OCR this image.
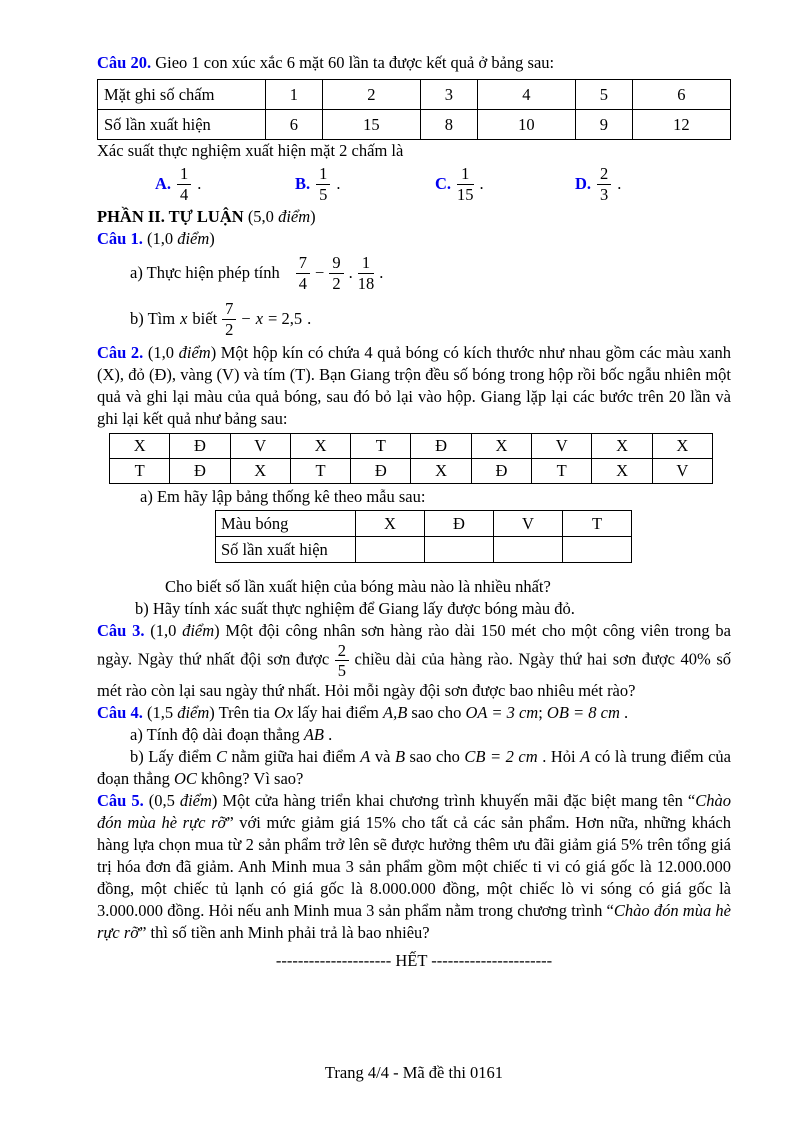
Câu 20. Gieo 1 con xúc xắc 6 mặt 60 lần ta được kết quả ở bảng sau:

Mặt ghi số chấm	1	2	3	4	5	6
Số lần xuất hiện	6	15	8	10	9	12

Xác suất thực nghiệm xuất hiện mặt 2 chấm là

A. $\frac{1}{4}$ .	B. $\frac{1}{5}$ .	C. $\frac{1}{15}$ .	D. $\frac{2}{3}$ .

PHẦN II. TỰ LUẬN (5,0 điểm)

Câu 1. (1,0 điểm)

a) Thực hiện phép tính $\frac{7}{4} - \frac{9}{2}$ . $\frac{1}{18}$ .
b) Tìm x biết $\frac{7}{2} - x = 2,5$ .

Câu 2. (1,0 điểm) Một hộp kín có chứa 4 quả bóng có kích thước như nhau gồm các màu xanh (X), đỏ (Đ), vàng (V) và tím (T). Bạn Giang trộn đều số bóng trong hộp rồi bốc ngẫu nhiên một quả và ghi lại màu của quả bóng, sau đó bỏ lại vào hộp. Giang lặp lại các bước trên 20 lần và ghi lại kết quả như bảng sau:

X	Đ	V	X	T	Đ	X	V	X	X
T	Đ	X	T	Đ	X	Đ	T	X	V

a) Em hãy lập bảng thống kê theo mẫu sau:

Màu bóng	X	Đ	V	T
Số lần xuất hiện				

Cho biết số lần xuất hiện của bóng màu nào là nhiều nhất?

b) Hãy tính xác suất thực nghiệm để Giang lấy được bóng màu đỏ.

Câu 3. (1,0 điểm) Một đội công nhân sơn hàng rào dài 150 mét cho một công viên trong ba ngày. Ngày thứ nhất đội sơn được $\frac{2}{5}$ chiều dài của hàng rào. Ngày thứ hai sơn được 40% số mét rào còn lại sau ngày thứ nhất. Hỏi mỗi ngày đội sơn được bao nhiêu mét rào?

Câu 4. (1,5 điểm) Trên tia Ox lấy hai điểm A,B sao cho OA = 3 cm; OB = 8 cm .

a) Tính độ dài đoạn thẳng AB .

b) Lấy điểm C nằm giữa hai điểm A và B sao cho CB = 2 cm . Hỏi A có là trung điểm của đoạn thẳng OC không? Vì sao?

Câu 5. (0,5 điểm) Một cửa hàng triển khai chương trình khuyến mãi đặc biệt mang tên “Chào đón mùa hè rực rỡ” với mức giảm giá 15% cho tất cả các sản phẩm. Hơn nữa, những khách hàng lựa chọn mua từ 2 sản phẩm trở lên sẽ được hưởng thêm ưu đãi giảm giá 5% trên tổng giá trị hóa đơn đã giảm. Anh Minh mua 3 sản phẩm gồm một chiếc ti vi có giá gốc là 12.000.000 đồng, một chiếc tủ lạnh có giá gốc là 8.000.000 đồng, một chiếc lò vi sóng có giá gốc là 3.000.000 đồng. Hỏi nếu anh Minh mua 3 sản phẩm nằm trong chương trình “Chào đón mùa hè rực rỡ” thì số tiền anh Minh phải trả là bao nhiêu?

--------------------- HẾT ----------------------

Trang 4/4 - Mã đề thi 0161
